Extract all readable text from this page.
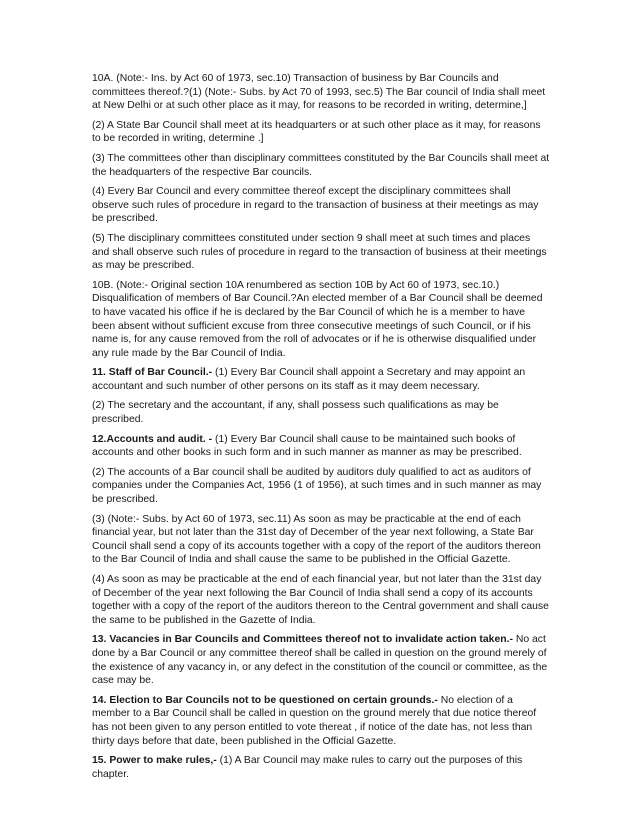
10A. (Note:- Ins. by Act 60 of 1973, sec.10) Transaction of business by Bar Councils and committees thereof.?(1) (Note:- Subs. by Act 70 of 1993, sec.5) The Bar council of India shall meet at New Delhi or at such other place as it may, for reasons to be recorded in writing, determine,]

(2) A State Bar Council shall meet at its headquarters or at such other place as it may, for reasons to be recorded in writing, determine .]

(3) The committees other than disciplinary committees constituted by the Bar Councils shall meet at the headquarters of the respective Bar councils.

(4) Every Bar Council and every committee thereof except the disciplinary committees shall observe such rules of procedure in regard to the transaction of business at their meetings as may be prescribed.

(5) The disciplinary committees constituted under section 9 shall meet at such times and places and shall observe such rules of procedure in regard to the transaction of business at their meetings as may be prescribed.

10B. (Note:- Original section 10A renumbered as section 10B by Act 60 of 1973, sec.10.) Disqualification of members of Bar Council.?An elected member of a Bar Council shall be deemed to have vacated his office if he is declared by the Bar Council of which he is a member to have been absent without sufficient excuse from three consecutive meetings of such Council, or if his name is, for any cause removed from the roll of advocates or if he is otherwise disqualified under any rule made by the Bar Council of India.

11. Staff of Bar Council.- (1) Every Bar Council shall appoint a Secretary and may appoint an accountant and such number of other persons on its staff as it may deem necessary.

(2) The secretary and the accountant, if any, shall possess such qualifications as may be prescribed.

12.Accounts and audit. - (1) Every Bar Council shall cause to be maintained such books of accounts and other books in such form and in such manner as manner as may be prescribed.

(2) The accounts of a Bar council shall be audited by auditors duly qualified to act as auditors of companies under the Companies Act, 1956 (1 of 1956), at such times and in such manner as may be prescribed.

(3) (Note:- Subs. by Act 60 of 1973, sec.11) As soon as may be practicable at the end of each financial year, but not later than the 31st day of December of the year next following, a State Bar Council shall send a copy of its accounts together with a copy of the report of the auditors thereon to the Bar Council of India and shall cause the same to be published in the Official Gazette.

(4) As soon as may be practicable at the end of each financial year, but not later than the 31st day of December of the year next following the Bar Council of India shall send a copy of its accounts together with a copy of the report of the auditors thereon to the Central government and shall cause the same to be published in the Gazette of India.

13. Vacancies in Bar Councils and Committees thereof not to invalidate action taken.- No act done by a Bar Council or any committee thereof shall be called in question on the ground merely of the existence of any vacancy in, or any defect in the constitution of the council or committee, as the case may be.

14. Election to Bar Councils not to be questioned on certain grounds.- No election of a member to a Bar Council shall be called in question on the ground merely that due notice thereof has not been given to any person entitled to vote thereat , if notice of the date has, not less than thirty days before that date, been published in the Official Gazette.

15. Power to make rules,- (1) A Bar Council may make rules to carry out the purposes of this chapter.
